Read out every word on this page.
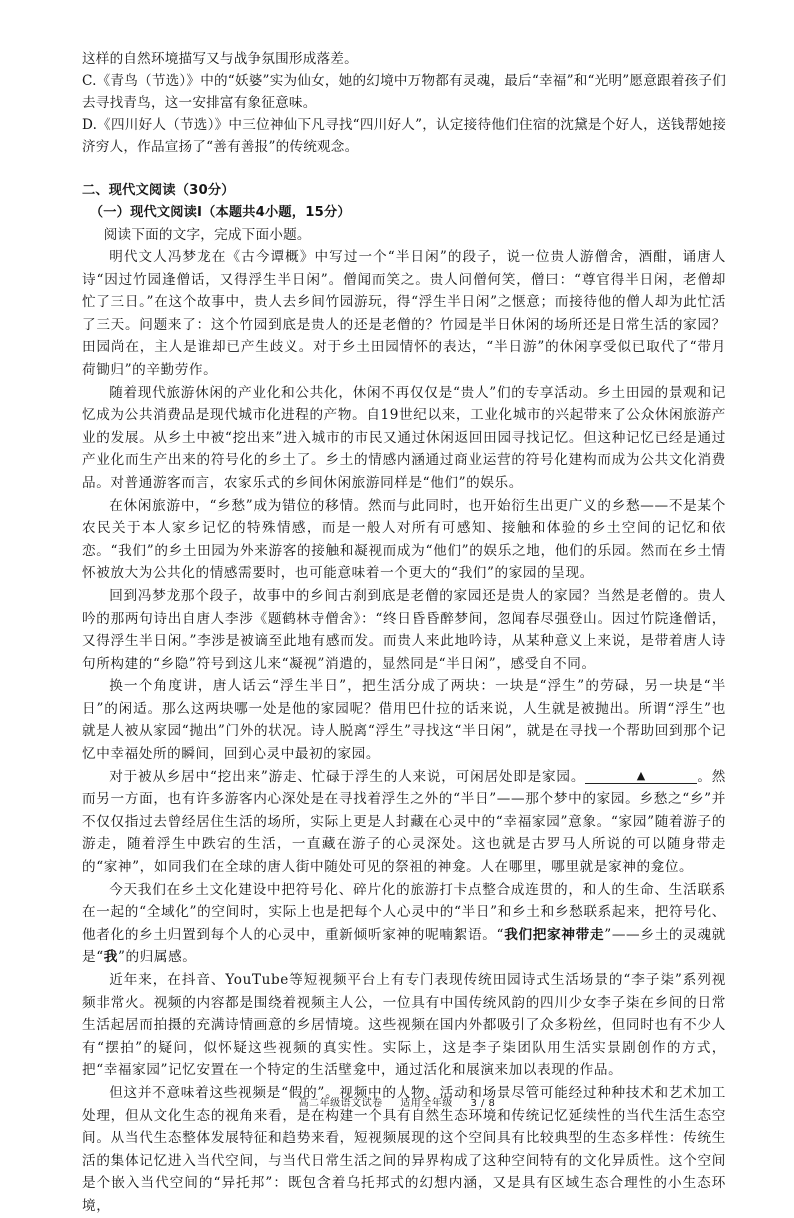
这样的自然环境描写又与战争氛围形成落差。

C.《青鸟（节选）》中的“妖婆”实为仙女，她的幻境中万物都有灵魂，最后“幸福”和“光明”愿意跟着孩子们去寻找青鸟，这一安排富有象征意味。

D.《四川好人（节选）》中三位神仙下凡寻找“四川好人”，认定接待他们住宿的沈黛是个好人，送钱帮她接济穷人，作品宣扬了“善有善报”的传统观念。

二、现代文阅读（30分）

（一）现代文阅读Ⅰ（本题共4小题，15分）

阅读下面的文字，完成下面小题。

明代文人冯梦龙在《古今谭概》中写过一个“半日闲”的段子，说一位贵人游僧舍，酒酣，诵唐人诗“因过竹园逢僧话，又得浮生半日闲”。僧闻而笑之。贵人问僧何笑，僧曰：“尊官得半日闲，老僧却忙了三日。”在这个故事中，贵人去乡间竹园游玩，得“浮生半日闲”之惬意；而接待他的僧人却为此忙活了三天。问题来了：这个竹园到底是贵人的还是老僧的？竹园是半日休闲的场所还是日常生活的家园？田园尚在，主人是谁却已产生歧义。对于乡土田园情怀的表达，“半日游”的休闲享受似已取代了“带月荷锄归”的辛勤劳作。

随着现代旅游休闲的产业化和公共化，休闲不再仅仅是“贵人”们的专享活动。乡土田园的景观和记忆成为公共消费品是现代城市化进程的产物。自19世纪以来，工业化城市的兴起带来了公众休闲旅游产业的发展。从乡土中被“挖出来”进入城市的市民又通过休闲返回田园寻找记忆。但这种记忆已经是通过产业化而生产出来的符号化的乡土了。乡土的情感内涵通过商业运营的符号化建构而成为公共文化消费品。对普通游客而言，农家乐式的乡间休闲旅游同样是“他们”的娱乐。

在休闲旅游中，“乡愁”成为错位的移情。然而与此同时，也开始衍生出更广义的乡愁——不是某个农民关于本人家乡记忆的特殊情感，而是一般人对所有可感知、接触和体验的乡土空间的记忆和依恋。“我们”的乡土田园为外来游客的接触和凝视而成为“他们”的娱乐之地，他们的乐园。然而在乡土情怀被放大为公共化的情感需要时，也可能意味着一个更大的“我们”的家园的呈现。

回到冯梦龙那个段子，故事中的乡间古刹到底是老僧的家园还是贵人的家园？当然是老僧的。贵人吟的那两句诗出自唐人李涉《题鹤林寺僧舍》：“终日昏昏醉梦间，忽闻春尽强登山。因过竹院逢僧话，又得浮生半日闲。”李涉是被谪至此地有感而发。而贵人来此地吟诗，从某种意义上来说，是带着唐人诗句所构建的“乡隐”符号到这儿来“凝视”消遣的，显然同是“半日闲”，感受自不同。

换一个角度讲，唐人话云“浮生半日”，把生活分成了两块：一块是“浮生”的劳碌，另一块是“半日”的闲适。那么这两块哪一处是他的家园呢？借用巴什拉的话来说，人生就是被抛出。所谓“浮生”也就是人被从家园“抛出”门外的状况。诗人脱离“浮生”寻找这“半日闲”，就是在寻找一个帮助回到那个记忆中幸福处所的瞬间，回到心灵中最初的家园。

对于被从乡居中“挖出来”游走、忙碌于浮生的人来说，可闲居处即是家园。	▲	。然而另一方面，也有许多游客内心深处是在寻找着浮生之外的“半日”——那个梦中的家园。乡愁之“乡”并不仅仅指过去曾经居住生活的场所，实际上更是人封藏在心灵中的“幸福家园”意象。“家园”随着游子的游走，随着浮生中跌宕的生活，一直藏在游子的心灵深处。这也就是古罗马人所说的可以随身带走的“家神”，如同我们在全球的唐人街中随处可见的祭祖的神龛。人在哪里，哪里就是家神的龛位。

今天我们在乡土文化建设中把符号化、碎片化的旅游打卡点整合成连贯的，和人的生命、生活联系在一起的“全域化”的空间时，实际上也是把每个人心灵中的“半日”和乡土和乡愁联系起来，把符号化、他者化的乡土归置到每个人的心灵中，重新倾听家神的呢喃絮语。“我们把家神带走”——乡土的灵魂就是“我”的归属感。

近年来，在抖音、YouTube等短视频平台上有专门表现传统田园诗式生活场景的“李子柒”系列视频非常火。视频的内容都是围绕着视频主人公，一位具有中国传统风韵的四川少女李子柒在乡间的日常生活起居而拍摄的充满诗情画意的乡居情境。这些视频在国内外都吸引了众多粉丝，但同时也有不少人有“摆拍”的疑问，似怀疑这些视频的真实性。实际上，这是李子柒团队用生活实景剧创作的方式，把“幸福家园”记忆安置在一个特定的生活壁龛中，通过活化和展演来加以表现的作品。

但这并不意味着这些视频是“假的”。视频中的人物、活动和场景尽管可能经过种种技术和艺术加工处理，但从文化生态的视角来看，是在构建一个具有自然生态环境和传统记忆延续性的当代生活生态空间。从当代生态整体发展特征和趋势来看，短视频展现的这个空间具有比较典型的生态多样性：传统生活的集体记忆进入当代空间，与当代日常生活之间的异界构成了这种空间特有的文化异质性。这个空间是个嵌入当代空间的“异托邦”：既包含着乌托邦式的幻想内涵，又是具有区域生态合理性的小生态环境，

高二年级语文试卷 适用全年级 3 / 8
